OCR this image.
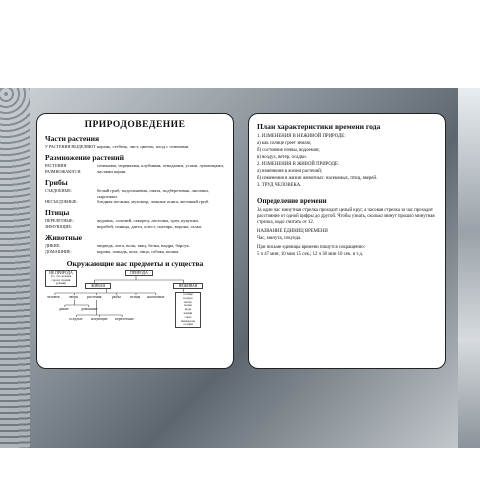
ПРИРОДОВЕДЕНИЕ
Части растения
У РАСТЕНИЯ ВЫДЕЛЯЮТ корень, стебель, лист, цветок, плод с семенами.
Размножение растений
РАСТЕНИЯ РАЗМНОЖАЮТСЯ
семенами, черенками, клубнями, отводками, усами, луковицами, частями корня.
Грибы
СЪЕДОБНЫЕ:	белый гриб, подосиновик, опята, подберезовик, лисички, сыроежки.
НЕСЪЕДОБНЫЕ:	бледная поганка, мухомор, ложные опята, желчный гриб.
Птицы
ПЕРЕЛЕТНЫЕ:	журавль, соловей, скворец, ласточка, грач, кукушка.
ЗИМУЮЩИЕ:	воробей, синица, дятел, клест, снегирь, ворона, галка.
Животные
ДИКИЕ:	медведь, лиса, волк, заяц, белка, выдра, барсук.
ДОМАШНИЕ:	корова, лошадь, коза, овца, собака, кошка.
Окружающие нас предметы и существа
НЕ ПРИРОДА
(то, что человек сделал своими руками)
ПРИРОДА
ЖИВАЯ	НЕЖИВАЯ
человек звери растения	рыбы птицы насекомые
дикие	домашние
оседлые кочующие перелетные
солнце
воздух
ветер
почва
вода
камни
горы
минералы
осадки
План характеристики времени года
1. ИЗМЕНЕНИЯ В НЕЖИВОЙ ПРИРОДЕ:
а) как солнце греет землю;
б) состояние почвы, водоемов;
в) воздух, ветер, осадки.
2. ИЗМЕНЕНИЯ В ЖИВОЙ ПРИРОДЕ:
а) изменения в жизни растений;
б) изменения в жизни животных: насекомых, птиц, зверей.
3. ТРУД ЧЕЛОВЕКА.
Определение времени
За один час минутная стрелка проходит целый круг, а часовая стрелка за час проходит расстояние от одной цифры до другой. Чтобы узнать, сколько минут прошло минутная стрелка, надо считать от 12.
НАЗВАНИЕ ЕДИНИЦ ВРЕМЕНИ
Час, минута, секунда.
При письме единицы времени пишутся сокращенно:
5 ч 47 мин; 10 мин 15 сек.; 12 ч 30 мин 10 сек. и т.д.
